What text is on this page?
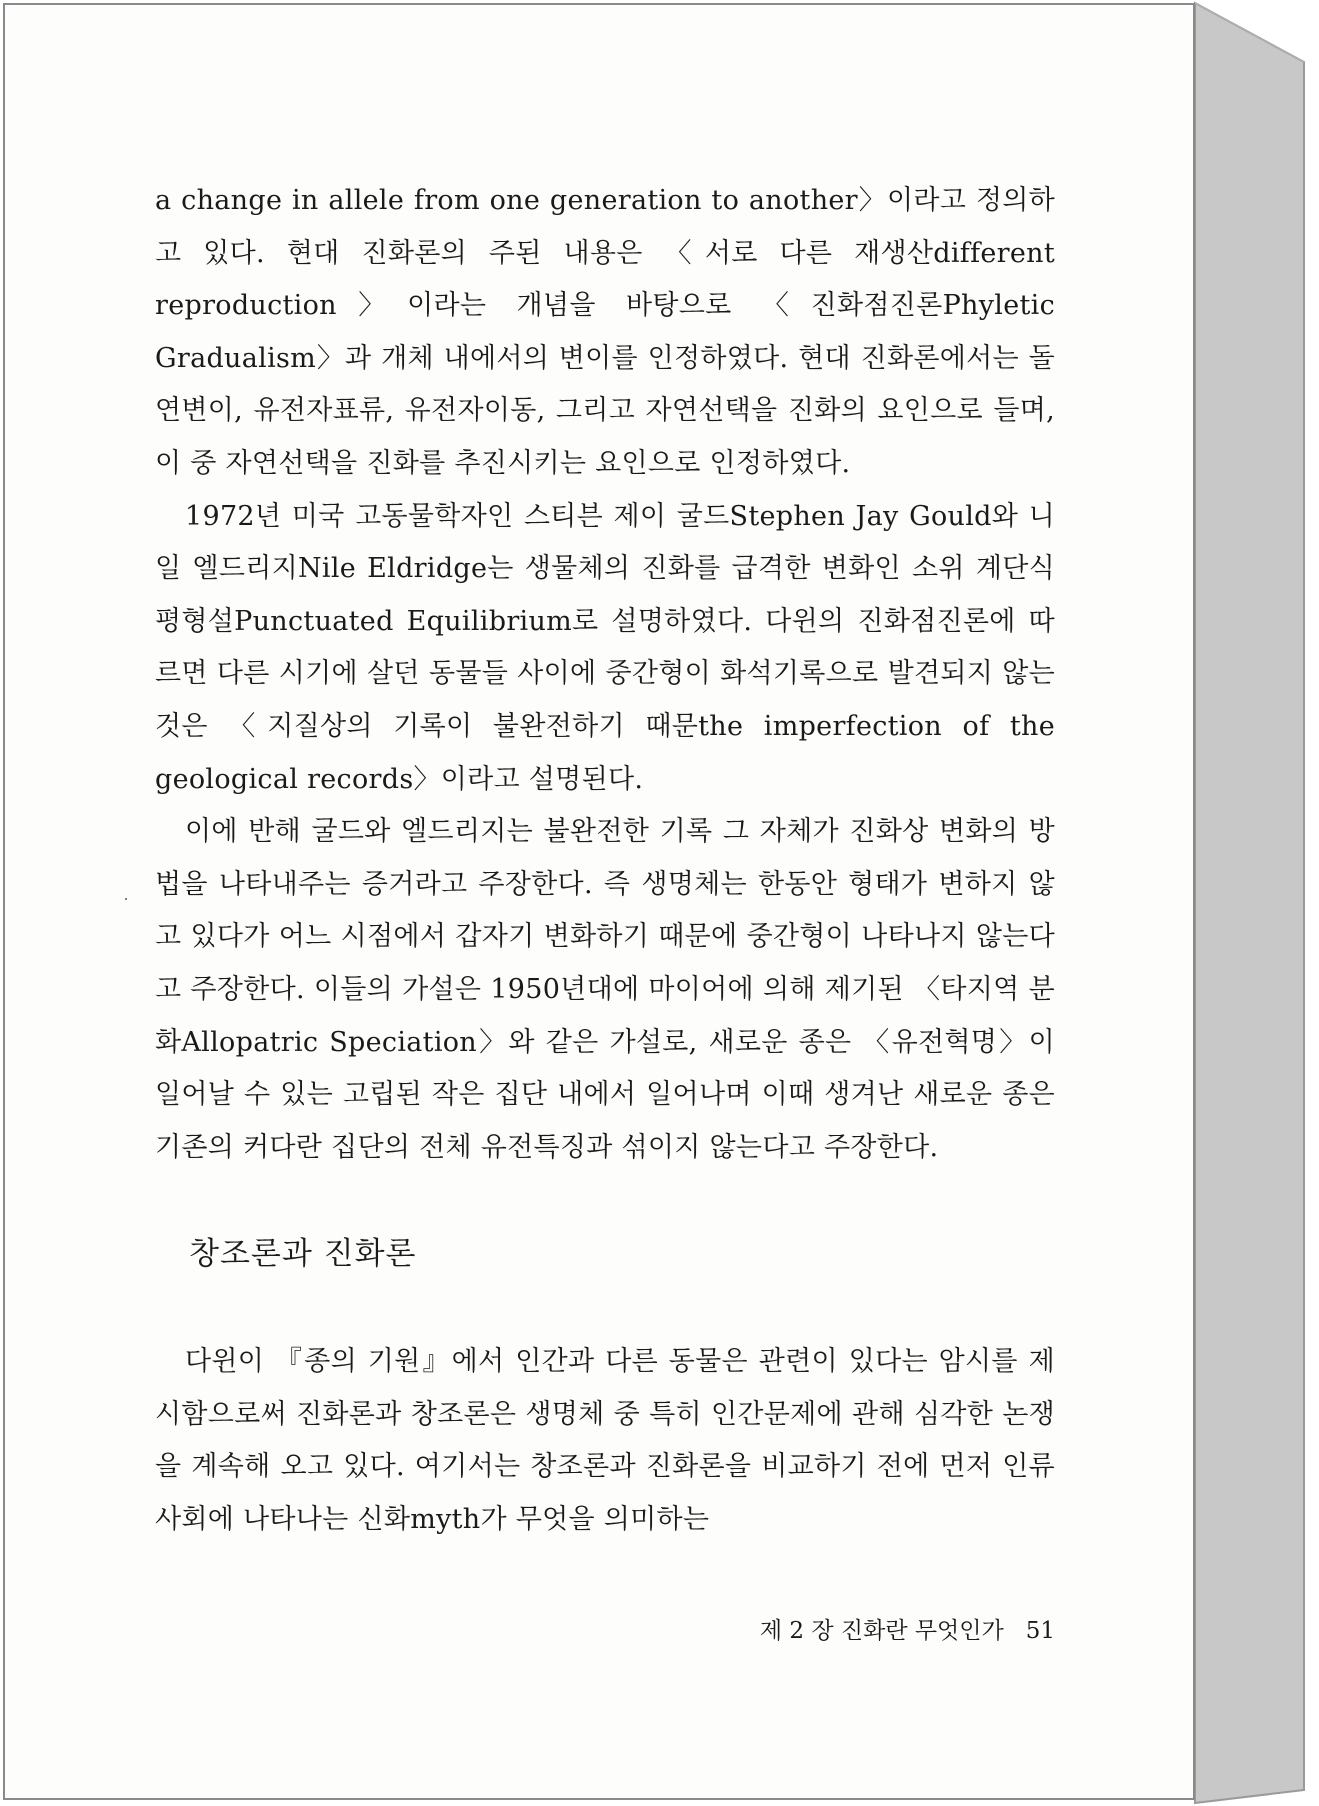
a change in allele from one generation to another〉이라고 정의하고 있다. 현대 진화론의 주된 내용은 〈서로 다른 재생산different reproduction〉이라는 개념을 바탕으로 〈진화점진론Phyletic Gradualism〉과 개체 내에서의 변이를 인정하였다. 현대 진화론에서는 돌연변이, 유전자표류, 유전자이동, 그리고 자연선택을 진화의 요인으로 들며, 이 중 자연선택을 진화를 추진시키는 요인으로 인정하였다.

1972년 미국 고동물학자인 스티븐 제이 굴드Stephen Jay Gould와 니일 엘드리지Nile Eldridge는 생물체의 진화를 급격한 변화인 소위 계단식평형설Punctuated Equilibrium로 설명하였다. 다윈의 진화점진론에 따르면 다른 시기에 살던 동물들 사이에 중간형이 화석기록으로 발견되지 않는 것은 〈지질상의 기록이 불완전하기 때문the imperfection of the geological records〉이라고 설명된다.

이에 반해 굴드와 엘드리지는 불완전한 기록 그 자체가 진화상 변화의 방법을 나타내주는 증거라고 주장한다. 즉 생명체는 한동안 형태가 변하지 않고 있다가 어느 시점에서 갑자기 변화하기 때문에 중간형이 나타나지 않는다고 주장한다. 이들의 가설은 1950년대에 마이어에 의해 제기된 〈타지역 분화Allopatric Speciation〉와 같은 가설로, 새로운 종은 〈유전혁명〉이 일어날 수 있는 고립된 작은 집단 내에서 일어나며 이때 생겨난 새로운 종은 기존의 커다란 집단의 전체 유전특징과 섞이지 않는다고 주장한다.

창조론과 진화론

다윈이 『종의 기원』에서 인간과 다른 동물은 관련이 있다는 암시를 제시함으로써 진화론과 창조론은 생명체 중 특히 인간문제에 관해 심각한 논쟁을 계속해 오고 있다. 여기서는 창조론과 진화론을 비교하기 전에 먼저 인류사회에 나타나는 신화myth가 무엇을 의미하는

제 2 장 진화란 무엇인가 51
